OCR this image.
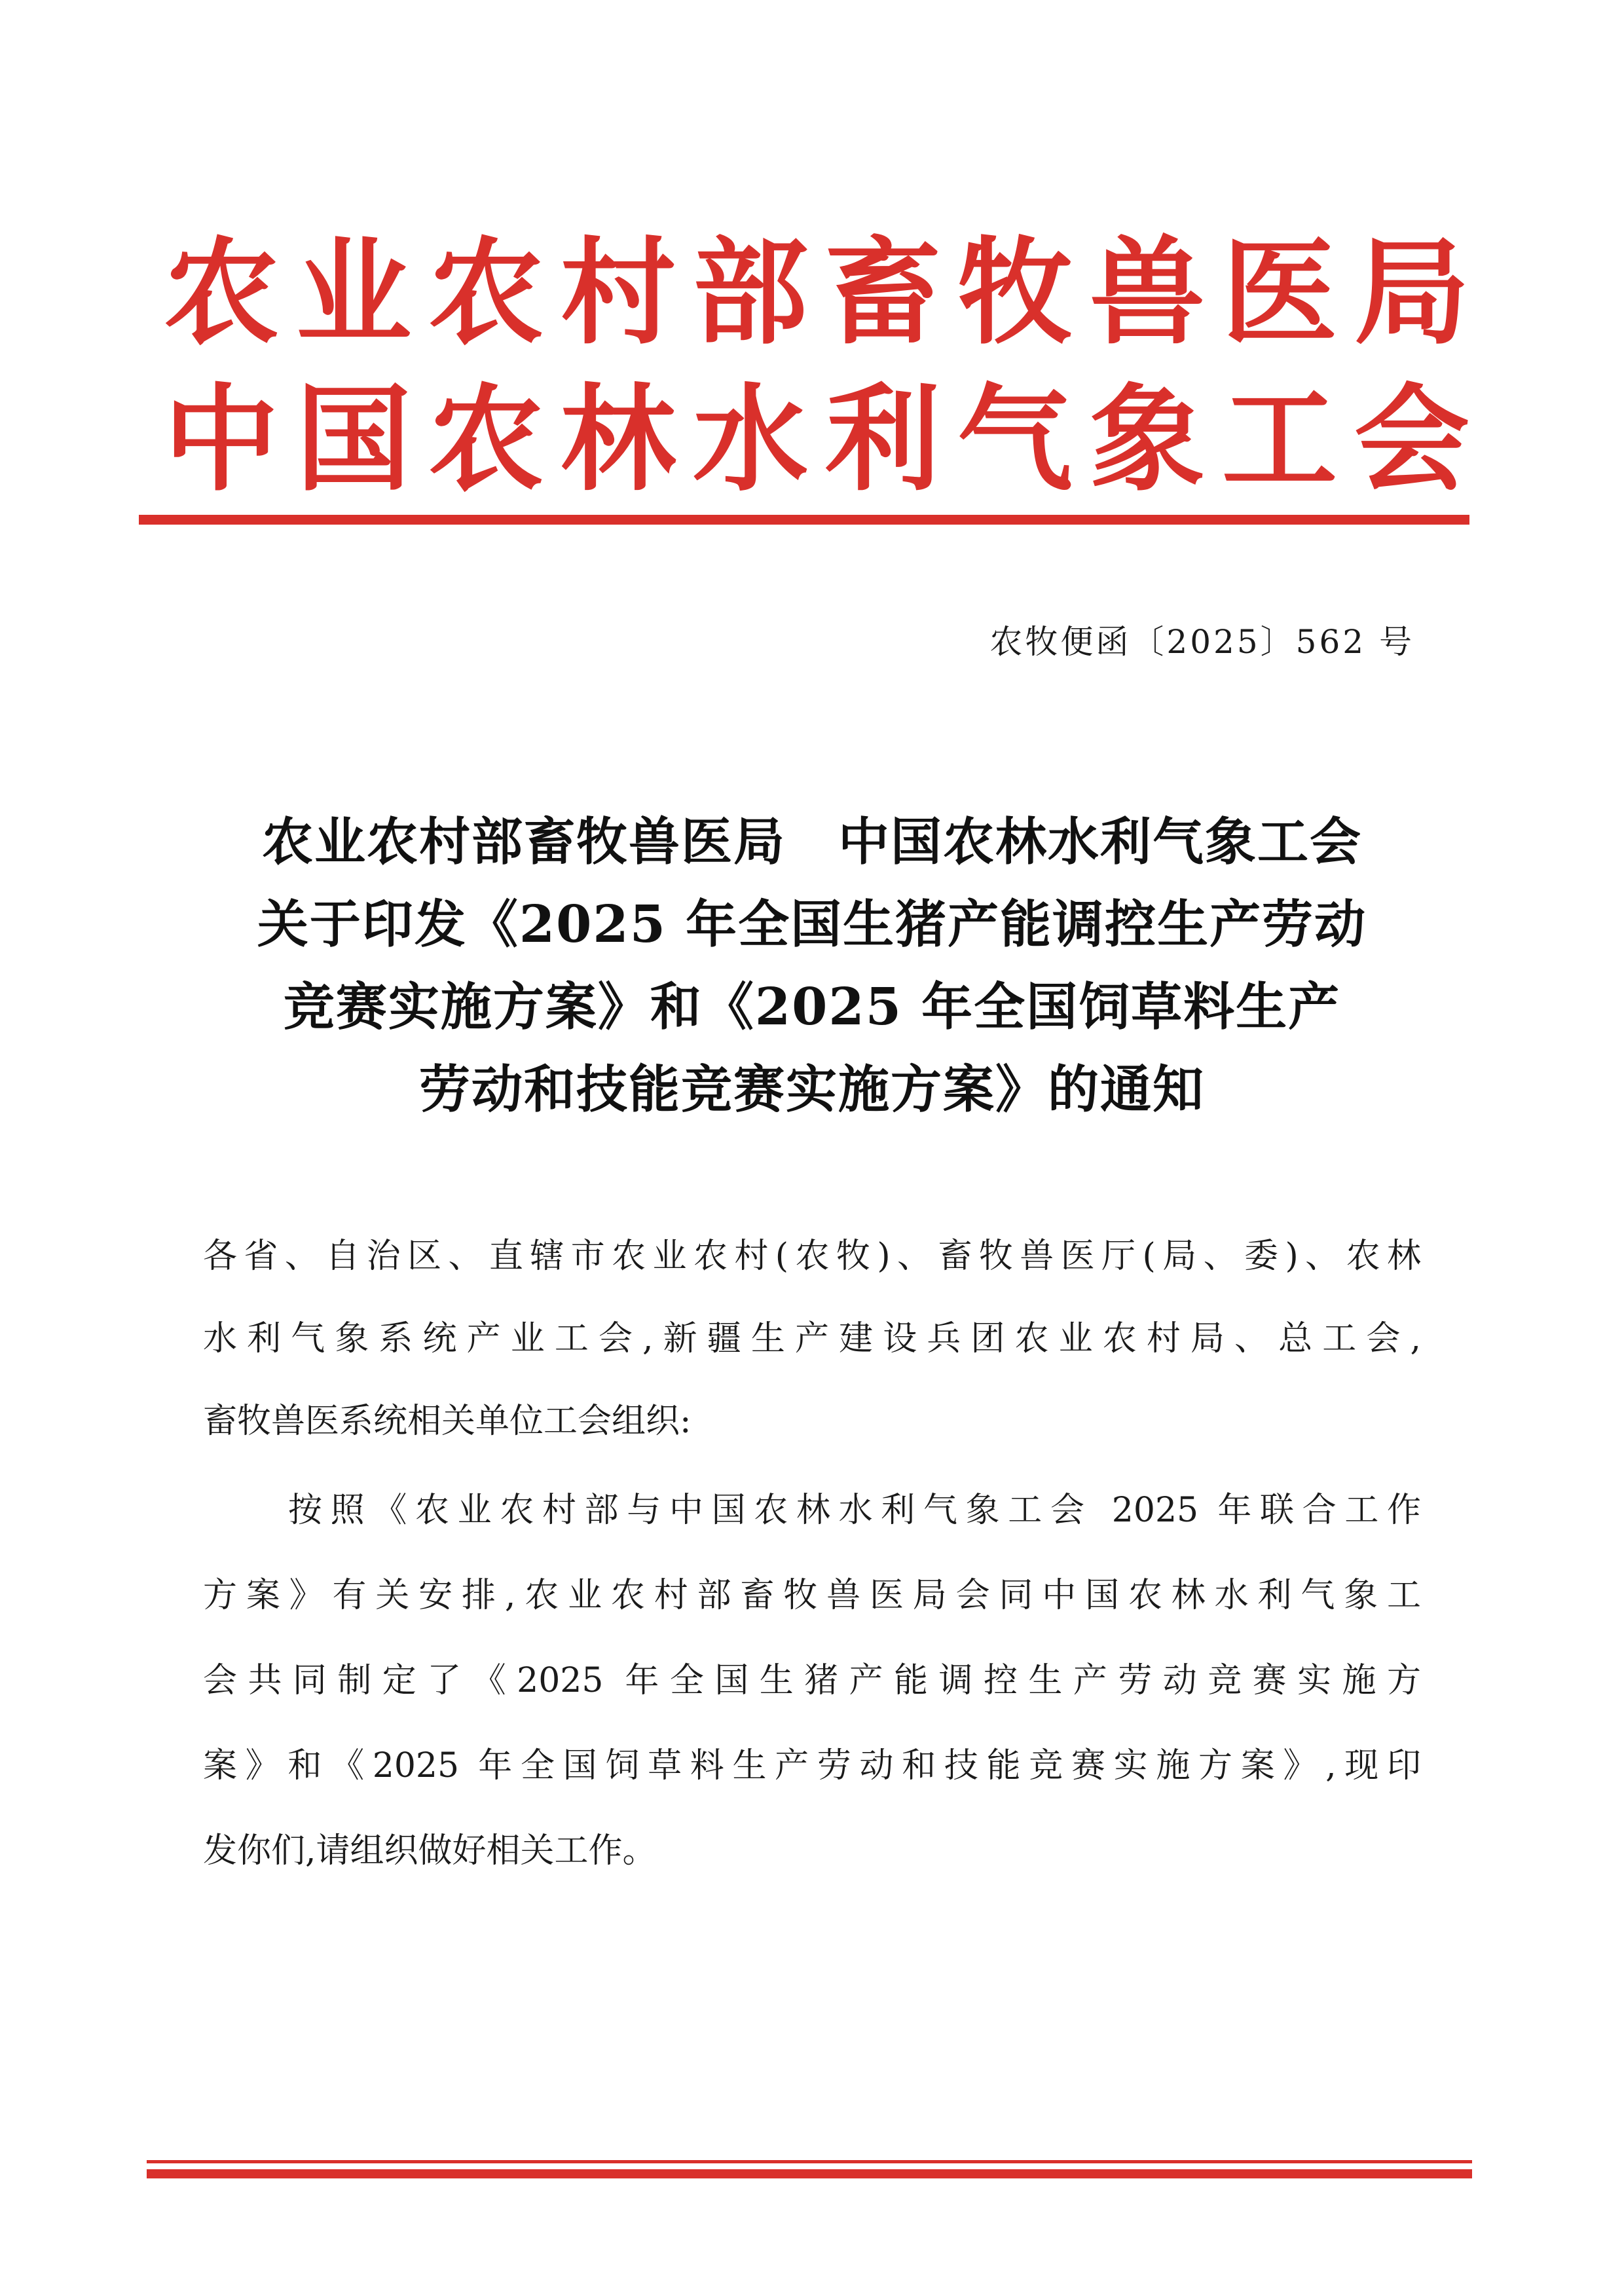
农业农村部畜牧兽医局
中国农林水利气象工会
农牧便函〔2025〕562 号
农业农村部畜牧兽医局　中国农林水利气象工会
关于印发《2025 年全国生猪产能调控生产劳动
竞赛实施方案》和《2025 年全国饲草料生产
劳动和技能竞赛实施方案》的通知
各省、自治区、直辖市农业农村(农牧)、畜牧兽医厅(局、委)、农林
水利气象系统产业工会,新疆生产建设兵团农业农村局、总工会,
畜牧兽医系统相关单位工会组织:
按照《农业农村部与中国农林水利气象工会 2025 年联合工作
方案》有关安排,农业农村部畜牧兽医局会同中国农林水利气象工
会共同制定了《2025 年全国生猪产能调控生产劳动竞赛实施方
案》和《2025 年全国饲草料生产劳动和技能竞赛实施方案》,现印
发你们,请组织做好相关工作。
